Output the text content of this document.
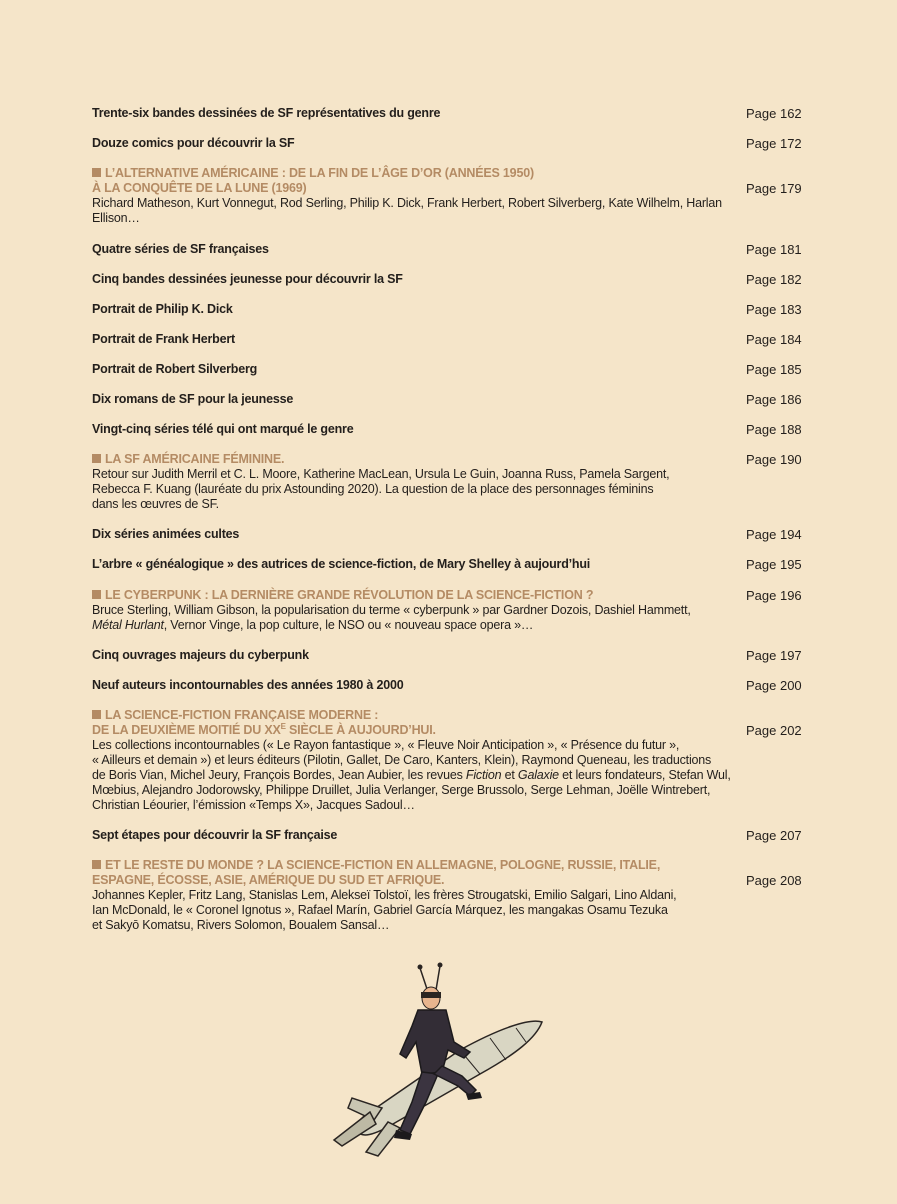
Trente-six bandes dessinées de SF représentatives du genre	Page 162
Douze comics pour découvrir la SF	Page 172
L’ALTERNATIVE AMÉRICAINE : DE LA FIN DE L’ÂGE D’OR (ANNÉES 1950)
À LA CONQUÊTE DE LA LUNE (1969)
Richard Matheson, Kurt Vonnegut, Rod Serling, Philip K. Dick, Frank Herbert, Robert Silverberg, Kate Wilhelm, Harlan Ellison…
Page 179
Quatre séries de SF françaises	Page 181
Cinq bandes dessinées jeunesse pour découvrir la SF	Page 182
Portrait de Philip K. Dick	Page 183
Portrait de Frank Herbert	Page 184
Portrait de Robert Silverberg	Page 185
Dix romans de SF pour la jeunesse	Page 186
Vingt-cinq séries télé qui ont marqué le genre	Page 188
LA SF AMÉRICAINE FÉMININE.
Retour sur Judith Merril et C. L. Moore, Katherine MacLean, Ursula Le Guin, Joanna Russ, Pamela Sargent,
Rebecca F. Kuang (lauréate du prix Astounding 2020). La question de la place des personnages féminins
dans les œuvres de SF.
Page 190
Dix séries animées cultes	Page 194
L’arbre « généalogique » des autrices de science-fiction, de Mary Shelley à aujourd’hui	Page 195
LE CYBERPUNK : LA DERNIÈRE GRANDE RÉVOLUTION DE LA SCIENCE-FICTION ?
Bruce Sterling, William Gibson, la popularisation du terme « cyberpunk » par Gardner Dozois, Dashiel Hammett,
Métal Hurlant, Vernor Vinge, la pop culture, le NSO ou « nouveau space opera »…
Page 196
Cinq ouvrages majeurs du cyberpunk	Page 197
Neuf auteurs incontournables des années 1980 à 2000	Page 200
LA SCIENCE-FICTION FRANÇAISE MODERNE :
DE LA DEUXIÈME MOITIÉ DU $XX^E$ SIÈCLE À AUJOURD’HUI.
Les collections incontournables (« Le Rayon fantastique », « Fleuve Noir Anticipation », « Présence du futur »,
« Ailleurs et demain ») et leurs éditeurs (Pilotin, Gallet, De Caro, Kanters, Klein), Raymond Queneau, les traductions
de Boris Vian, Michel Jeury, François Bordes, Jean Aubier, les revues Fiction et Galaxie et leurs fondateurs, Stefan Wul,
Mœbius, Alejandro Jodorowsky, Philippe Druillet, Julia Verlanger, Serge Brussolo, Serge Lehman, Joëlle Wintrebert,
Christian Léourier, l’émission «Temps X», Jacques Sadoul…
Page 202
Sept étapes pour découvrir la SF française	Page 207
ET LE RESTE DU MONDE ? LA SCIENCE-FICTION EN ALLEMAGNE, POLOGNE, RUSSIE, ITALIE,
ESPAGNE, ÉCOSSE, ASIE, AMÉRIQUE DU SUD ET AFRIQUE.
Johannes Kepler, Fritz Lang, Stanislas Lem, Alekseï Tolstoï, les frères Strougatski, Emilio Salgari, Lino Aldani,
Ian McDonald, le « Coronel Ignotus », Rafael Marín, Gabriel García Márquez, les mangakas Osamu Tezuka
et Sakyō Komatsu, Rivers Solomon, Boualem Sansal…
Page 208
